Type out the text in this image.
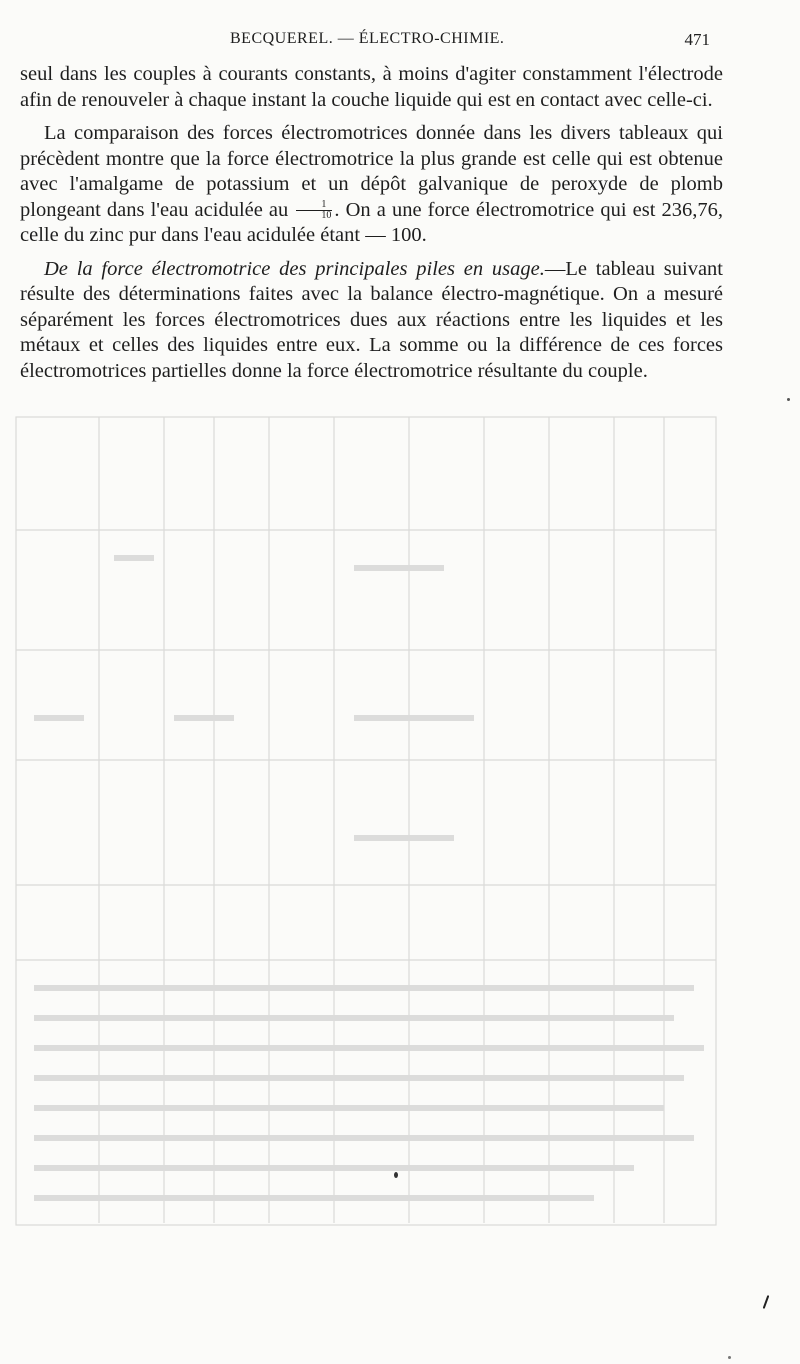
BECQUEREL. — ÉLECTRO-CHIMIE.	471

seul dans les couples à courants constants, à moins d'agiter constamment l'électrode afin de renouveler à chaque instant la couche liquide qui est en contact avec celle-ci.

La comparaison des forces électromotrices donnée dans les divers tableaux qui précèdent montre que la force électromotrice la plus grande est celle qui est obtenue avec l'amalgame de potassium et un dépôt galvanique de peroxyde de plomb plongeant dans l'eau acidulée au $\frac{1}{10}$ . On a une force électromotrice qui est 236,76, celle du zinc pur dans l'eau acidulée étant — 100.

De la force électromotrice des principales piles en usage.—Le tableau suivant résulte des déterminations faites avec la balance électro-magnétique. On a mesuré séparément les forces électromotrices dues aux réactions entre les liquides et les métaux et celles des liquides entre eux. La somme ou la différence de ces forces électromotrices partielles donne la force électromotrice résultante du couple.
